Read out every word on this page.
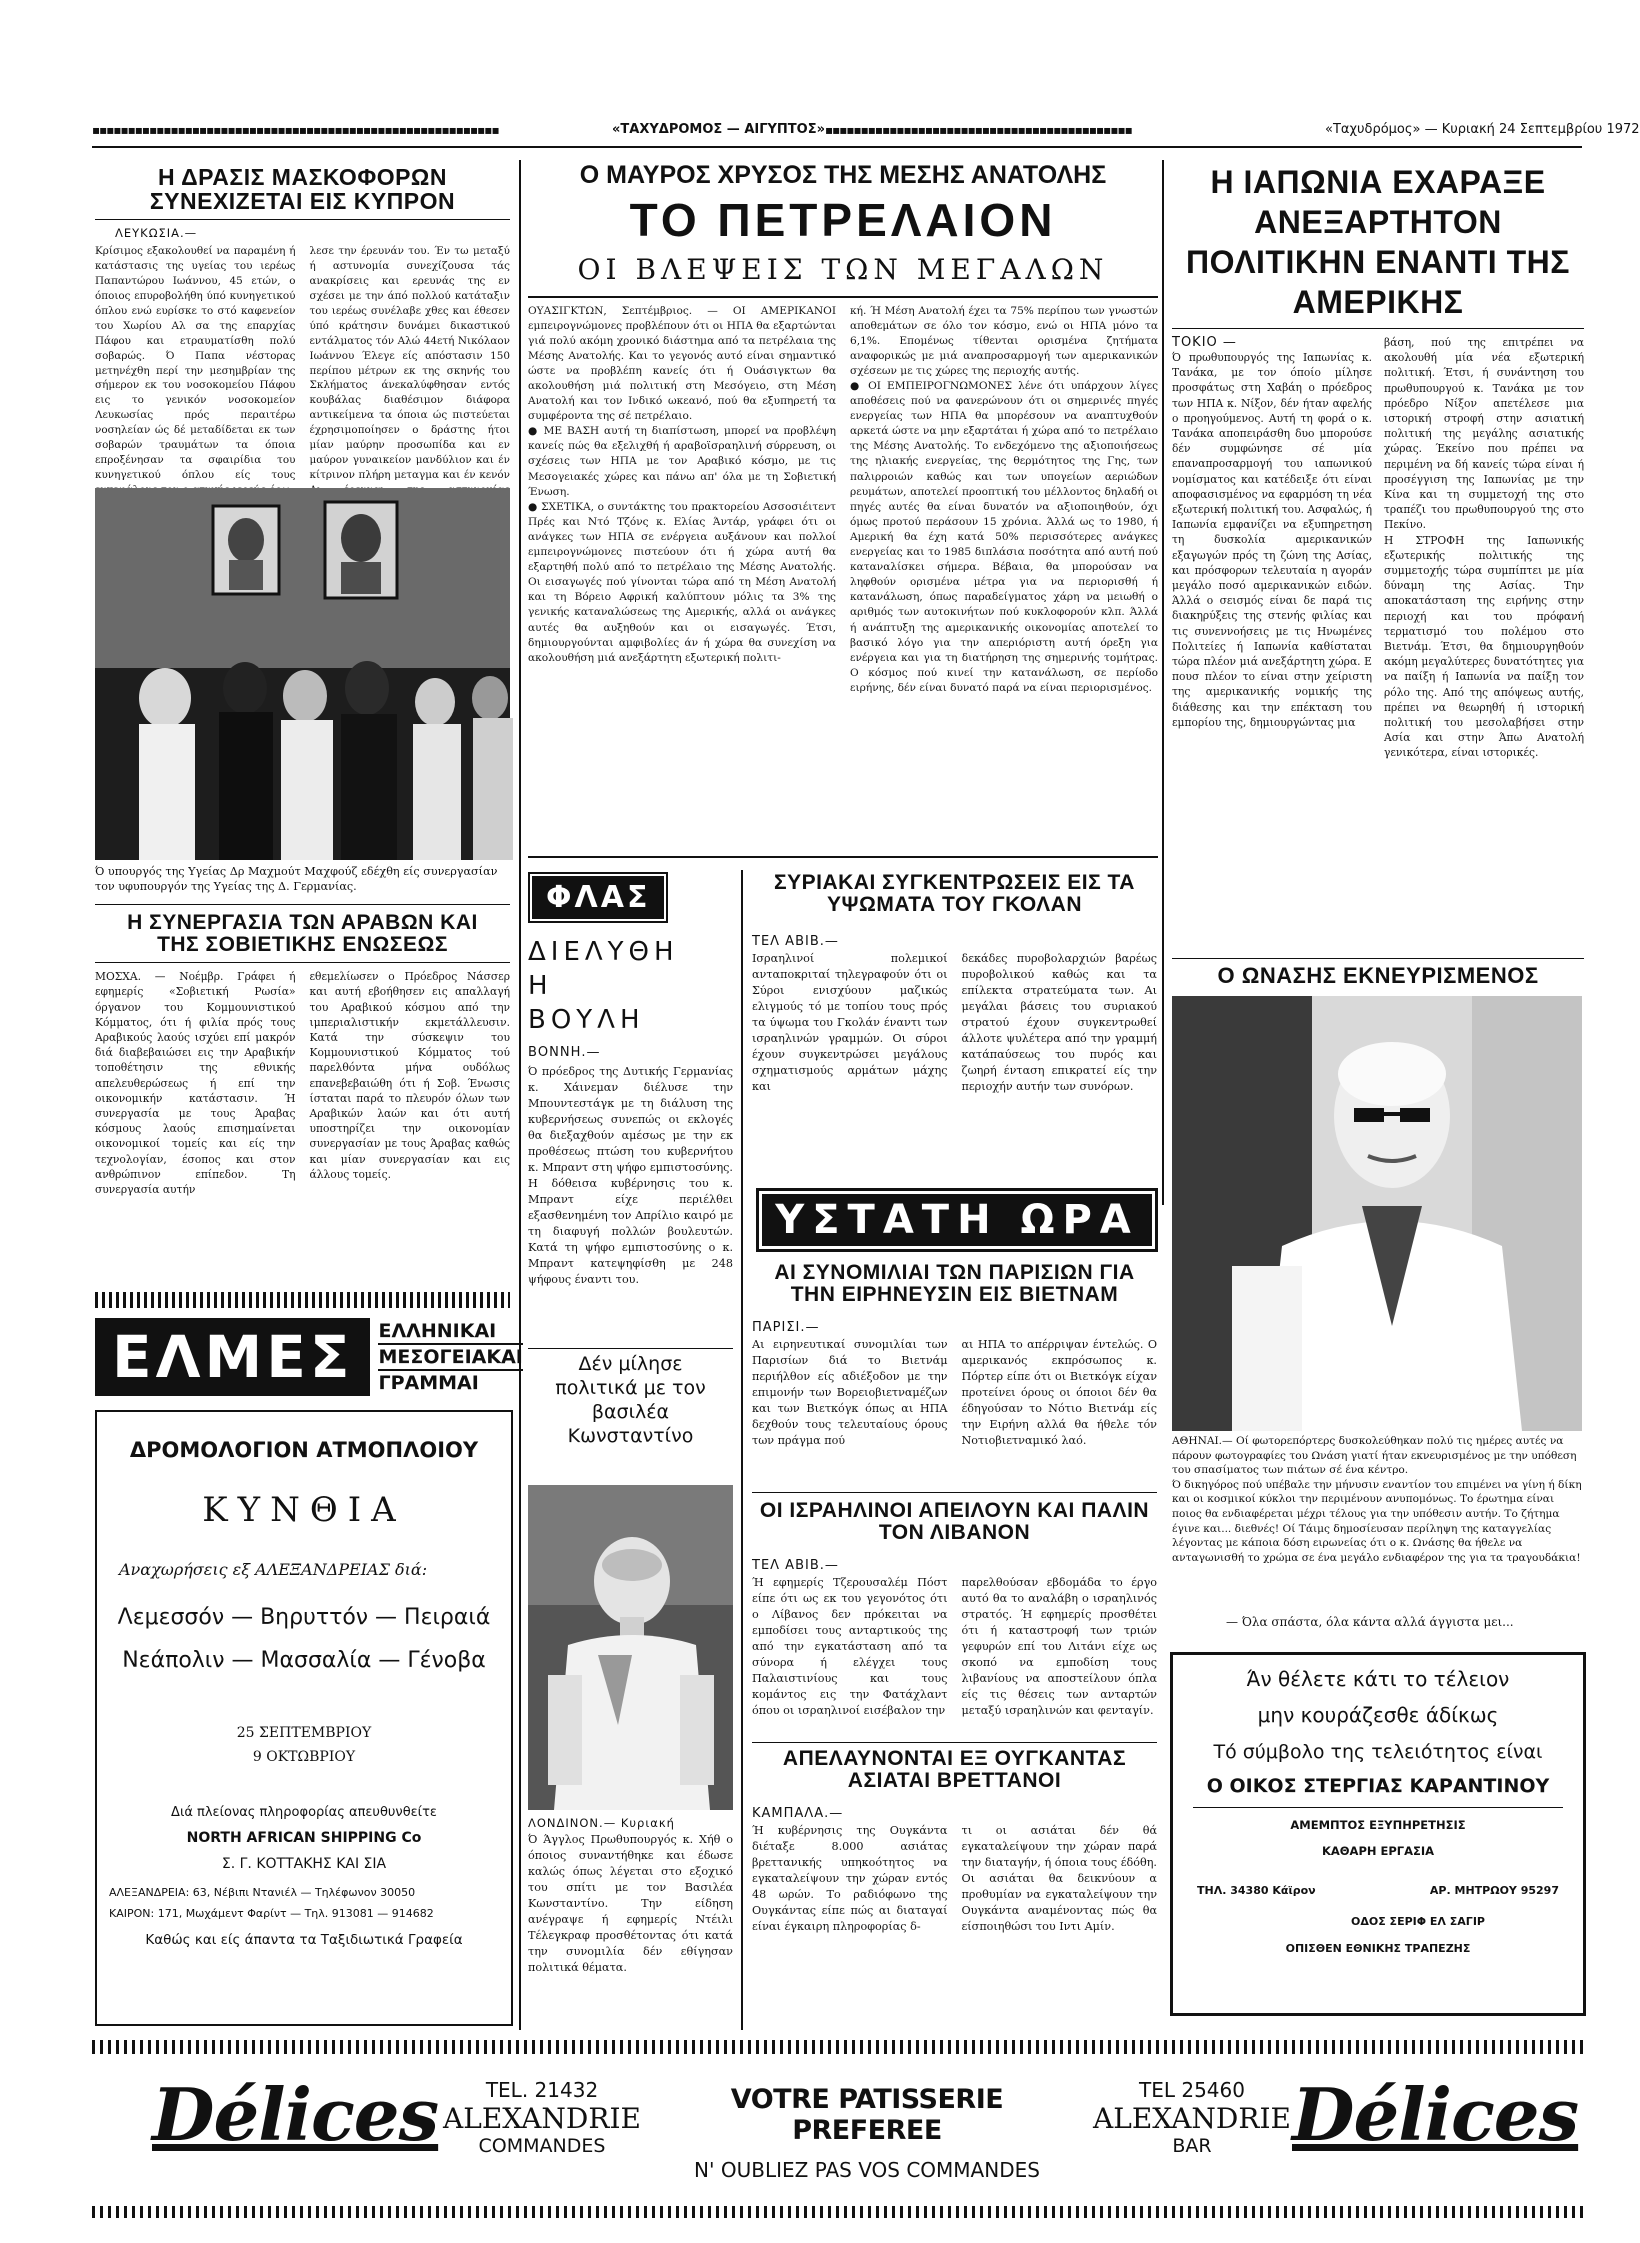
▪▪▪▪▪▪▪▪▪▪▪▪▪▪▪▪▪▪▪▪▪▪▪▪▪▪▪▪▪▪▪▪▪▪▪▪▪▪▪▪▪▪▪▪▪▪▪▪▪▪▪▪▪▪▪▪▪	«ΤΑΧΥΔΡΟΜΟΣ — ΑΙΓΥΠΤΟΣ»▪▪▪▪▪▪▪▪▪▪▪▪▪▪▪▪▪▪▪▪▪▪▪▪▪▪▪▪▪▪▪▪▪▪▪▪▪▪▪▪▪▪▪	«Ταχυδρόμος» — Κυριακή 24 Σεπτεμβρίου 1972
Η ΔΡΑΣΙΣ ΜΑΣΚΟΦΟΡΩΝ ΣΥΝΕΧΙΖΕΤΑΙ ΕΙΣ ΚΥΠΡΟΝ
ΛΕΥΚΩΣΙΑ.—
Κρίσιμος εξακολουθεί να παραμένη ή κατάστασις της υγείας του ιερέως Παπαντώρου Ιωάννου, 45 ετών, ο όποιος επυροβολήθη ύπό κυνηγετικού όπλου ενώ ευρίσκε το στό καφενείον του Χωρίου Αλ σα της επαρχίας Πάφου και ετραυματίσθη πολύ σοβαρώς. Ό Παπα νέστορας μετηνέχθη περί την μεσημβρίαν της σήμερον εκ του νοσοκομείου Πάφου εις το γενικόν νοσοκομείον Λευκωσίας πρός περαιτέρω νοσηλείαν ώς δέ μεταδίδεται εκ των σοβαρών τραυμάτων τα όποια επροξένησαν τα σφαιρίδια του κυνηγετικού όπλου είς τους
λεσε την έρευνάν του. Έν τω μεταξύ ή αστυνομία συνεχίζουσα τάς ανακρίσεις και ερευνάς της εν σχέσει με την άπό πολλού κατάταξιν του ιερέως συνέλαβε χθες και έθεσεν ύπό κράτησιν δυνάμει δικαστικού εντάλματος τόν Αλώ 44ετή Νικόλαον Ιωάννου Έλεγε είς απόστασιν 150 περίπου μέτρων εκ της σκηνής του Σκλήματος άνεκαλύφθησαν εντός κουβάλας διαθέσιμον διάφορα αντικείμενα τα όποια ώς πιστεύεται έχρησιμοποίησεν ο δράστης ήτοι μίαν μαύρην προσωπίδα και εν μαύρον γυναικείον μανδύλιον και έν κίτρινον πλήρη μεταγμα και έν κενόν
Ό υπουργός της Υγείας Δρ Μαχμούτ Μαχφούζ εδέχθη είς συνεργασίαν τον υφυπουργόν της Υγείας της Δ. Γερμανίας.
Η ΣΥΝΕΡΓΑΣΙΑ ΤΩΝ ΑΡΑΒΩΝ ΚΑΙ ΤΗΣ ΣΟΒΙΕΤΙΚΗΣ ΕΝΩΣΕΩΣ
ΜΟΣΧΑ. — Νοέμβρ. Γράφει ή εφημερίς «Σοβιετική Ρωσία» όργανον του Κομμουνιστικού Κόμματος, ότι ή φιλία πρός τους Αραβικούς λαούς ισχύει επί μακρόν διά διαβεβαιώσει εις την Αραβικήν τοποθέτησιν της εθνικής απελευθερώσεως ή επί την οικονομικήν κατάστασιν. Ή συνεργασία με τους Άραβας κόσμους λαούς επισημαίνεται οικονομικοί τομείς και είς την τεχνολογίαν, έσοπος και στον ανθρώπινον επίπεδον. Τη συνεργασία αυτήν
εθεμελίωσεν ο Πρόεδρος Νάσσερ και αυτή εβοήθησεν εις απαλλαγή του Αραβικού κόσμου από την ιμπεριαλιστικήν εκμετάλλευσιν. Κατά την σύσκεψιν του Κομμουνιστικού Κόμματος τού παρελθόντα μήνα ουδόλως επανεβεβαιώθη ότι ή Σοβ. Ένωσις ίσταται παρά το πλευρόν όλων των Αραβικών λαών και ότι αυτή υποστηρίζει την οικονομίαν συνεργασίαν με τους Άραβας καθώς και μίαν συνεργασίαν και εις άλλους τομείς.
ΕΛΜΕΣ	ΕΛΛΗΝΙΚΑΙ
ΜΕΣΟΓΕΙΑΚΑΙ
ΓΡΑΜΜΑΙ
ΔΡΟΜΟΛΟΓΙΟΝ ΑΤΜΟΠΛΟΙΟΥ
ΚΥΝΘΙΑ
Αναχωρήσεις εξ ΑΛΕΞΑΝΔΡΕΙΑΣ διά:
Λεμεσσόν — Βηρυττόν — Πειραιά
Νεάπολιν — Μασσαλία — Γένοβα
25 ΣΕΠΤΕΜΒΡΙΟΥ
9 ΟΚΤΩΒΡΙΟΥ
Διά πλείονας πληροφορίας απευθυνθείτε
NORTH AFRICAN SHIPPING Co
Σ. Γ. ΚΟΤΤΑΚΗΣ ΚΑΙ ΣΙΑ
ΑΛΕΞΑΝΔΡΕΙΑ: 63, Νέβιπι Ντανιέλ — Τηλέφωνον 30050
ΚΑΙΡΟΝ: 171, Μωχάμεντ Φαρίντ — Τηλ. 913081 — 914682
Καθώς και είς άπαντα τα Ταξιδιωτικά Γραφεία
Ο ΜΑΥΡΟΣ ΧΡΥΣΟΣ ΤΗΣ ΜΕΣΗΣ ΑΝΑΤΟΛΗΣ
ΤΟ ΠΕΤΡΕΛΑΙΟΝ
ΟΙ ΒΛΕΨΕΙΣ ΤΩΝ ΜΕΓΑΛΩΝ
ΟΥΑΣΙΓΚΤΩΝ, Σεπτέμβριος. — ΟΙ ΑΜΕΡΙΚΑΝΟΙ εμπειρογνώμονες προβλέπουν ότι οι ΗΠΑ θα εξαρτώνται γιά πολύ ακόμη χρονικό διάστημα από τα πετρέλαια της Μέσης Ανατολής. Και το γεγονός αυτό είναι σημαντικό ώστε να προβλέπη κανείς ότι ή Ουάσιγκτων θα ακολουθήση μιά πολιτική στη Μεσόγειο, στη Μέση Ανατολή και τον Ινδικό ωκεανό, πού θα εξυπηρετή τα συμφέροντα της σέ πετρέλαιο.
● ΜΕ ΒΑΣΗ αυτή τη διαπίστωση, μπορεί να προβλέψη κανείς πώς θα εξελιχθή ή αραβοϊσραηλινή σύρρευση, οι σχέσεις των ΗΠΑ με τον Αραβικό κόσμο, με τις Μεσογειακές χώρες και πάνω απ' όλα με τη Σοβιετική Ένωση.
● ΣΧΕΤΙΚΑ, ο συντάκτης του πρακτορείου Ασσοσιέιτεντ Πρές και Ντό Τζόνς κ. Ελίας Άντάρ, γράφει ότι οι ανάγκες των ΗΠΑ σε ενέργεια αυξάνουν και πολλοί εμπειρογνώμονες πιστεύουν ότι ή χώρα αυτή θα εξαρτηθή πολύ από το πετρέλαιο της Μέσης Ανατολής. Οι εισαγωγές πού γίνονται τώρα από τη Μέση Ανατολή και τη Βόρειο Αφρική καλύπτουν μόλις τα 3% της γενικής καταναλώσεως της Αμερικής, αλλά οι ανάγκες αυτές θα αυξηθούν και οι εισαγωγές. Έτσι, δημιουργούνται αμφιβολίες άν ή χώρα θα συνεχίση να ακολουθήση μιά ανεξάρτητη εξωτερική πολιτι-
κή. Ή Μέση Ανατολή έχει τα 75% περίπου των γνωστών αποθεμάτων σε όλο τον κόσμο, ενώ οι ΗΠΑ μόνο τα 6,1%. Επομένως τίθενται ορισμένα ζητήματα αναφορικώς με μιά αναπροσαρμογή των αμερικανικών σχέσεων με τις χώρες της περιοχής αυτής.
● ΟΙ ΕΜΠΕΙΡΟΓΝΩΜΟΝΕΣ λένε ότι υπάρχουν λίγες αποθέσεις πού να φανερώνουν ότι οι σημερινές πηγές ενεργείας των ΗΠΑ θα μπορέσουν να αναπτυχθούν αρκετά ώστε να μην εξαρτάται ή χώρα από το πετρέλαιο της Μέσης Ανατολής. Το ενδεχόμενο της αξιοποιήσεως της ηλιακής ενεργείας, της θερμότητος της Γης, των παλιρροιών καθώς και των υπογείων αεριώδων ρευμάτων, αποτελεί προοπτική του μέλλοντος δηλαδή οι πηγές αυτές θα είναι δυνατόν να αξιοποιηθούν, όχι όμως προτού περάσουν 15 χρόνια. Άλλά ως το 1980, ή Αμερική θα έχη κατά 50% περισσότερες ανάγκες ενεργείας και το 1985 διπλάσια ποσότητα από αυτή πού καταναλίσκει σήμερα. Βέβαια, θα μπορούσαν να ληφθούν ορισμένα μέτρα για να περιορισθή ή κατανάλωση, όπως παραδείγματος χάρη να μειωθή ο αριθμός των αυτοκινήτων πού κυκλοφορούν κλπ. Άλλά ή ανάπτυξη της αμερικανικής οικονομίας αποτελεί το βασικό λόγο για την απεριόριστη αυτή όρεξη για ενέργεια και για τη διατήρηση της σημερινής τομήτρας. Ο κόσμος πού κινεί την κατανάλωση, σε περίοδο ειρήνης, δέν είναι δυνατό παρά να είναι περιορισμένος.
ΦΛΑΣ
ΔΙΕΛΥΘΗ Η ΒΟΥΛΗ
ΒΟΝΝΗ.—
Ό πρόεδρος της Δυτικής Γερμανίας κ. Χάινεμαν διέλυσε την Μπουντεστάγκ με τη διάλυση της κυβερνήσεως συνεπώς οι εκλογές θα διεξαχθούν αμέσως με την εκ προθέσεως πτώση του κυβερνήτου κ. Μπραντ στη ψήφο εμπιστοσύνης. Η δόθεισα κυβέρνησις του κ. Μπραντ είχε περιέλθει εξασθενημένη τον Απρίλιο καιρό με τη διαφυγή πολλών βουλευτών. Κατά τη ψήφο εμπιστοσύνης ο κ. Μπραντ κατεψηφίσθη με 248 ψήφους έναντι του.
Δέν μίλησε πολιτικά με τον βασιλέα Κωνσταντίνο
ΛΟΝΔΙΝΟΝ.— Κυριακή
Ό Άγγλος Πρωθυπουργός κ. Χήθ ο όποιος συναντήθηκε και έδωσε καλώς όπως λέγεται στο εξοχικό του σπίτι με τον Βασιλέα Κωνσταντίνο. Την είδηση ανέγραψε ή εφημερίς Ντέιλι Τέλεγκραφ προσθέτοντας ότι κατά την συνομιλία δέν εθίγησαν πολιτικά θέματα.
ΣΥΡΙΑΚΑΙ ΣΥΓΚΕΝΤΡΩΣΕΙΣ ΕΙΣ ΤΑ ΥΨΩΜΑΤΑ ΤΟΥ ΓΚΟΛΑΝ
ΤΕΛ ΑΒΙΒ.—
Ισραηλινοί πολεμικοί ανταποκριταί τηλεγραφούν ότι οι Σύροι ενισχύουν μαζικώς ελιγμούς τό με τοπίου τους πρός τα ύψωμα του Γκολάν έναντι των ισραηλινών γραμμών. Οι σύροι έχουν συγκεντρώσει μεγάλους σχηματισμούς αρμάτων μάχης και
δεκάδες πυροβολαρχιών βαρέως πυροβολικού καθώς και τα επίλεκτα στρατεύματα των. Αι μεγάλαι βάσεις του συριακού στρατού έχουν συγκεντρωθεί άλλοτε ψυλέτερα από την γραμμή κατάπαύσεως του πυρός και ζωηρή ένταση επικρατεί είς την περιοχήν αυτήν των συνόρων.
ΥΣΤΑΤΗ ΩΡΑ
ΑΙ ΣΥΝΟΜΙΛΙΑΙ ΤΩΝ ΠΑΡΙΣΙΩΝ ΓΙΑ ΤΗΝ ΕΙΡΗΝΕΥΣΙΝ ΕΙΣ ΒΙΕΤΝΑΜ
ΠΑΡΙΣΙ.—
Αι ειρηνευτικαί συνομιλίαι των Παρισίων διά το Βιετνάμ περιήλθον είς αδιέξοδον με την επιμονήν των Βορειοβιετναμέζων και των Βιετκόγκ όπως αι ΗΠΑ δεχθούν τους τελευταίους όρους των πράγμα πού
αι ΗΠΑ το απέρριψαν έντελώς. Ο αμερικανός εκπρόσωπος κ. Πόρτερ είπε ότι οι Βιετκόγκ είχαν προτείνει όρους οι όποιοι δέν θα έδηγούσαν το Νότιο Βιετνάμ είς την Ειρήνη αλλά θα ήθελε τόν Νοτιοβιετναμικό λαό.
ΟΙ ΙΣΡΑΗΛΙΝΟΙ ΑΠΕΙΛΟΥΝ ΚΑΙ ΠΑΛΙΝ ΤΟΝ ΛΙΒΑΝΟΝ
ΤΕΛ ΑΒΙΒ.—
Ή εφημερίς Τζερουσαλέμ Πόστ είπε ότι ως εκ του γεγονότος ότι ο Λίβανος δεν πρόκειται να εμποδίσει τους ανταρτικούς της από την εγκατάσταση από τα σύνορα ή ελέγχει τους Παλαιστινίους και τους κομάντος εις την Φατάχλαντ όπου οι ισραηλινοί εισέβαλον την
παρελθούσαν εβδομάδα το έργο αυτό θα το αναλάβη ο ισραηλινός στρατός. Ή εφημερίς προσθέτει ότι ή καταστροφή των τριών γεφυρών επί του Λιτάνι είχε ως σκοπό να εμποδίση τους λιβανίους να αποστείλουν όπλα είς τις θέσεις των ανταρτών μεταξύ ισραηλινών και φενταγίν.
ΑΠΕΛΑΥΝΟΝΤΑΙ ΕΞ ΟΥΓΚΑΝΤΑΣ ΑΣΙΑΤΑΙ ΒΡΕΤΤΑΝΟΙ
ΚΑΜΠΑΛΑ.—
Ή κυβέρνησις της Ουγκάντα διέταξε 8.000 ασιάτας βρεττανικής υπηκοότητος να εγκαταλείψουν την χώραν εντός 48 ωρών. Το ραδιόφωνο της Ουγκάντας είπε πώς αι διαταγαί είναι έγκαιρη πληροφορίας δ-
τι οι ασιάται δέν θά εγκαταλείψουν την χώραν παρά την διαταγήν, ή όποια τους έδόθη. Οι ασιάται θα δεικνύουν α προθυμίαν να εγκαταλείψουν την Ουγκάντα αναμένοντας πώς θα είσποιηθώσι του Ιντι Αμίν.
Η ΙΑΠΩΝΙΑ ΕΧΑΡΑΞΕ ΑΝΕΞΑΡΤΗΤΟΝ ΠΟΛΙΤΙΚΗΝ ΕΝΑΝΤΙ ΤΗΣ ΑΜΕΡΙΚΗΣ
ΤΟΚΙΟ —
Ό πρωθυπουργός της Ιαπωνίας κ. Τανάκα, με τον όποίο μίλησε προσφάτως στη Χαβάη ο πρόεδρος των ΗΠΑ κ. Νίξον, δέν ήταν αφελής ο προηγούμενος. Αυτή τη φορά ο κ. Τανάκα αποπειράσθη δυο μπορούσε δέν συμφώνησε σέ μία επαναπροσαρμογή του ιαπωνικού νομίσματος και κατέδειξε ότι είναι αποφασισμένος να εφαρμόση τη νέα εξωτερική πολιτική του. Ασφαλώς, ή Ιαπωνία εμφανίζει να εξυπηρετηση τη δυσκολία αμερικανικών εξαγωγών πρός τη ζώνη της Ασίας, και πρόσφορων τελευταία η αγοράν μεγάλο ποσό αμερικανικών ειδών. Άλλά ο σεισμός είναι δε παρά τις διακηρύξεις της στενής φιλίας και τις συνεννοήσεις με τις Ηνωμένες Πολιτείες ή Ιαπωνία καθίσταται τώρα πλέον μιά ανεξάρτητη χώρα. Ε πουσ πλέον το είναι στην χείριστη της αμερικανικής νομικής της διάθεσης και την επέκταση του εμπορίου της, δημιουργώντας μια
βάση, πού της επιτρέπει να ακολουθή μία νέα εξωτερική πολιτική. Έτσι, ή συνάντηση του πρωθυπουργού κ. Τανάκα με τον πρόεδρο Νίξον απετέλεσε μια ιστορική στροφή στην ασιατική πολιτική της μεγάλης ασιατικής χώρας. Έκείνο που πρέπει να περιμένη να δή κανείς τώρα είναι ή προσέγγιση της Ιαπωνίας με την Κίνα και τη συμμετοχή της στο τραπέζι του πρωθυπουργού της στο Πεκίνο.
Η ΣΤΡΟΦΗ της Ιαπωνικής εξωτερικής πολιτικής της συμμετοχής τώρα συμπίπτει με μία δύναμη της Ασίας. Την αποκατάσταση της ειρήνης στην περιοχή και του πρόφανή τερματισμό του πολέμου στο Βιετνάμ. Έτσι, θα δημιουργηθούν ακόμη μεγαλύτερες δυνατότητες για να παίξη ή Ιαπωνία να παίξη τον ρόλο της. Από της απόψεως αυτής, πρέπει να θεωρηθή ή ιστορική πολιτική του μεσολαβήσει στην Ασία και στην Άπω Ανατολή γενικότερα, είναι ιστορικές.
Ο ΩΝΑΣΗΣ ΕΚΝΕΥΡΙΣΜΕΝΟΣ
ΑΘΗΝΑΙ.— Οί φωτορεπόρτερς δυσκολεύθηκαν πολύ τις ημέρες αυτές να πάρουν φωτογραφίες του Ωνάση γιατί ήταν εκνευρισμένος με την υπόθεση του σπασίματος των πιάτων σέ ένα κέντρο.
Ό δικηγόρος πού υπέβαλε την μήνυσιν εναντίον του επιμένει να γίνη ή δίκη και οι κοσμικοί κύκλοι την περιμένουν ανυπομόνως. Το έρωτημα είναι ποιος θα ενδιαφέρεται μέχρι τέλους για την υπόθεσιν αυτήν. Το ζήτημα έγινε και... διεθνές! Οί Τάιμς δημοσίευσαν περίληψη της καταγγελίας λέγοντας με κάποια δόση ειρωνείας ότι ο κ. Ωνάσης θα ήθελε να ανταγωνισθή το χρώμα σε ένα μεγάλο ενδιαφέρον της για τα τραγουδάκια!
— Όλα σπάστα, όλα κάντα αλλά άγγιστα μει...
Άν θέλετε κάτι το τέλειον
μην κουράζεσθε άδίκως
Τό σύμβολο της τελειότητος είναι
Ο ΟΙΚΟΣ ΣΤΕΡΓΙΑΣ ΚΑΡΑΝΤΙΝΟΥ
ΑΜΕΜΠΤΟΣ ΕΞΥΠΗΡΕΤΗΣΙΣ
ΚΑΘΑΡΗ ΕΡΓΑΣΙΑ
ΤΗΛ. 34380 Κάϊρον	ΑΡ. ΜΗΤΡΩΟΥ 95297
ΟΔΟΣ ΣΕΡΙΦ ΕΛ ΣΑΓΙΡ
ΟΠΙΣΘΕΝ ΕΘΝΙΚΗΣ ΤΡΑΠΕΖΗΣ
Délices	TEL. 21432
ALEXANDRIE
COMMANDES
VOTRE PATISSERIE PREFEREE
N' OUBLIEZ PAS VOS COMMANDES
TEL 25460
ALEXANDRIE
BAR	Délices
